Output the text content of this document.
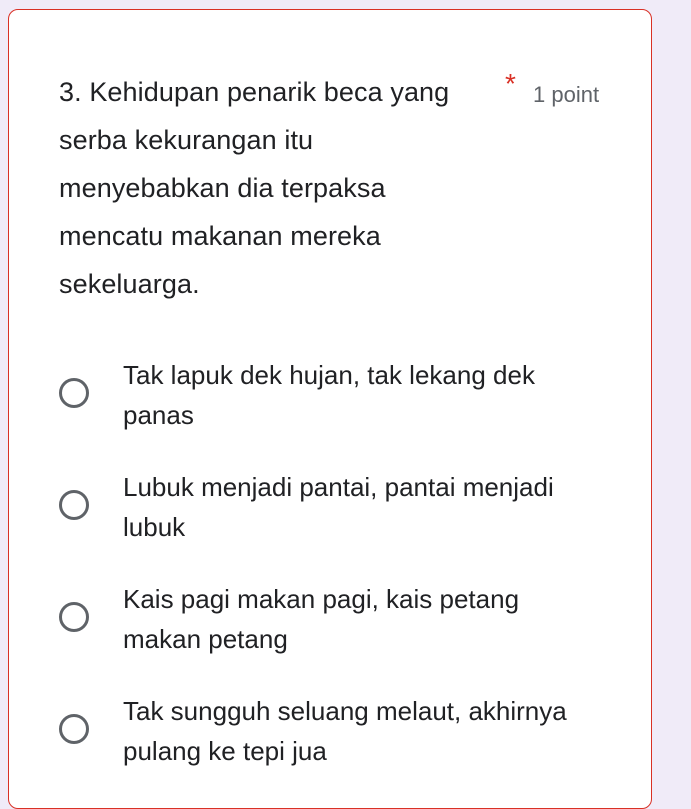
3. Kehidupan penarik beca yang serba kekurangan itu menyebabkan dia terpaksa mencatu makanan mereka sekeluarga.
* 1 point
Tak lapuk dek hujan, tak lekang dek panas
Lubuk menjadi pantai, pantai menjadi lubuk
Kais pagi makan pagi, kais petang makan petang
Tak sungguh seluang melaut, akhirnya pulang ke tepi jua
